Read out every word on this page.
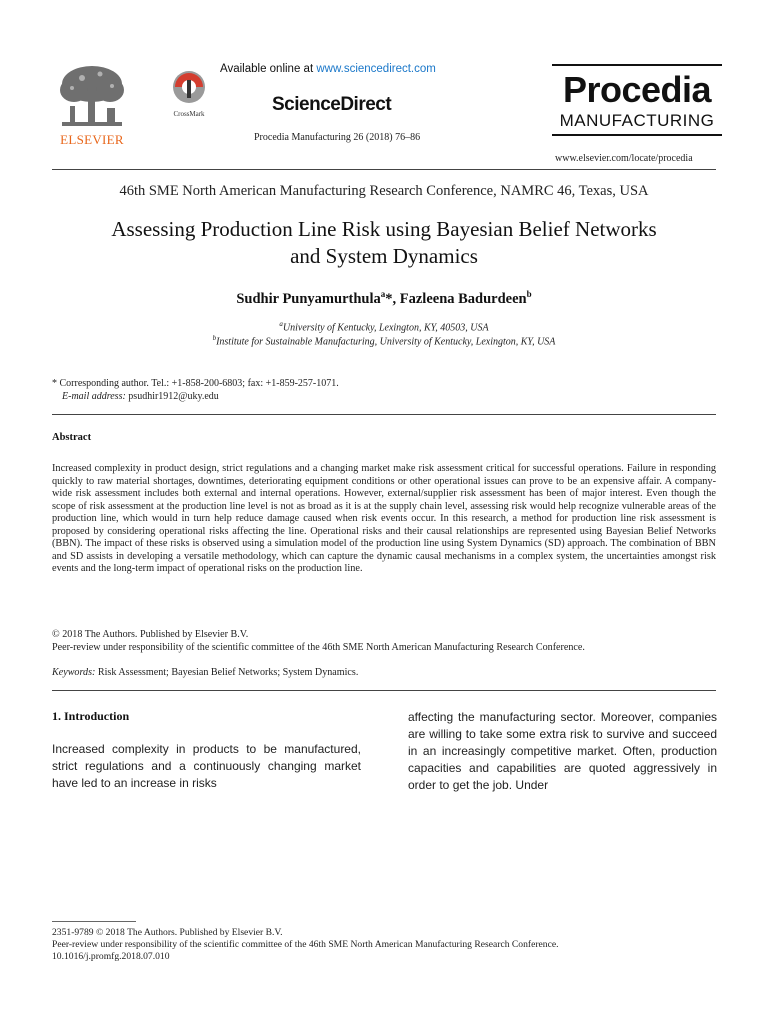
ELSEVIER
CrossMark
Available online at www.sciencedirect.com
ScienceDirect
Procedia Manufacturing 26 (2018) 76–86
Procedia
MANUFACTURING
www.elsevier.com/locate/procedia
46th SME North American Manufacturing Research Conference, NAMRC 46, Texas, USA
Assessing Production Line Risk using Bayesian Belief Networks
and System Dynamics
Sudhir Punyamurthula$^a$*, Fazleena Badurdeen$^b$
$^a$University of Kentucky, Lexington, KY, 40503, USA
$^b$Institute for Sustainable Manufacturing, University of Kentucky, Lexington, KY, USA
* Corresponding author. Tel.: +1-858-200-6803; fax: +1-859-257-1071.
E-mail address: psudhir1912@uky.edu
Abstract
Increased complexity in product design, strict regulations and a changing market make risk assessment critical for successful operations. Failure in responding quickly to raw material shortages, downtimes, deteriorating equipment conditions or other operational issues can prove to be an expensive affair. A company-wide risk assessment includes both external and internal operations. However, external/supplier risk assessment has been of major interest. Even though the scope of risk assessment at the production line level is not as broad as it is at the supply chain level, assessing risk would help recognize vulnerable areas of the production line, which would in turn help reduce damage caused when risk events occur. In this research, a method for production line risk assessment is proposed by considering operational risks affecting the line. Operational risks and their causal relationships are represented using Bayesian Belief Networks (BBN). The impact of these risks is observed using a simulation model of the production line using System Dynamics (SD) approach. The combination of BBN and SD assists in developing a versatile methodology, which can capture the dynamic causal mechanisms in a complex system, the uncertainties amongst risk events and the long-term impact of operational risks on the production line.
© 2018 The Authors. Published by Elsevier B.V.
Peer-review under responsibility of the scientific committee of the 46th SME North American Manufacturing Research Conference.
Keywords: Risk Assessment; Bayesian Belief Networks; System Dynamics.
1. Introduction
Increased complexity in products to be manufactured, strict regulations and a continuously changing market have led to an increase in risks
affecting the manufacturing sector. Moreover, companies are willing to take some extra risk to survive and succeed in an increasingly competitive market. Often, production capacities and capabilities are quoted aggressively in order to get the job. Under
2351-9789 © 2018 The Authors. Published by Elsevier B.V.
Peer-review under responsibility of the scientific committee of the 46th SME North American Manufacturing Research Conference.
10.1016/j.promfg.2018.07.010
